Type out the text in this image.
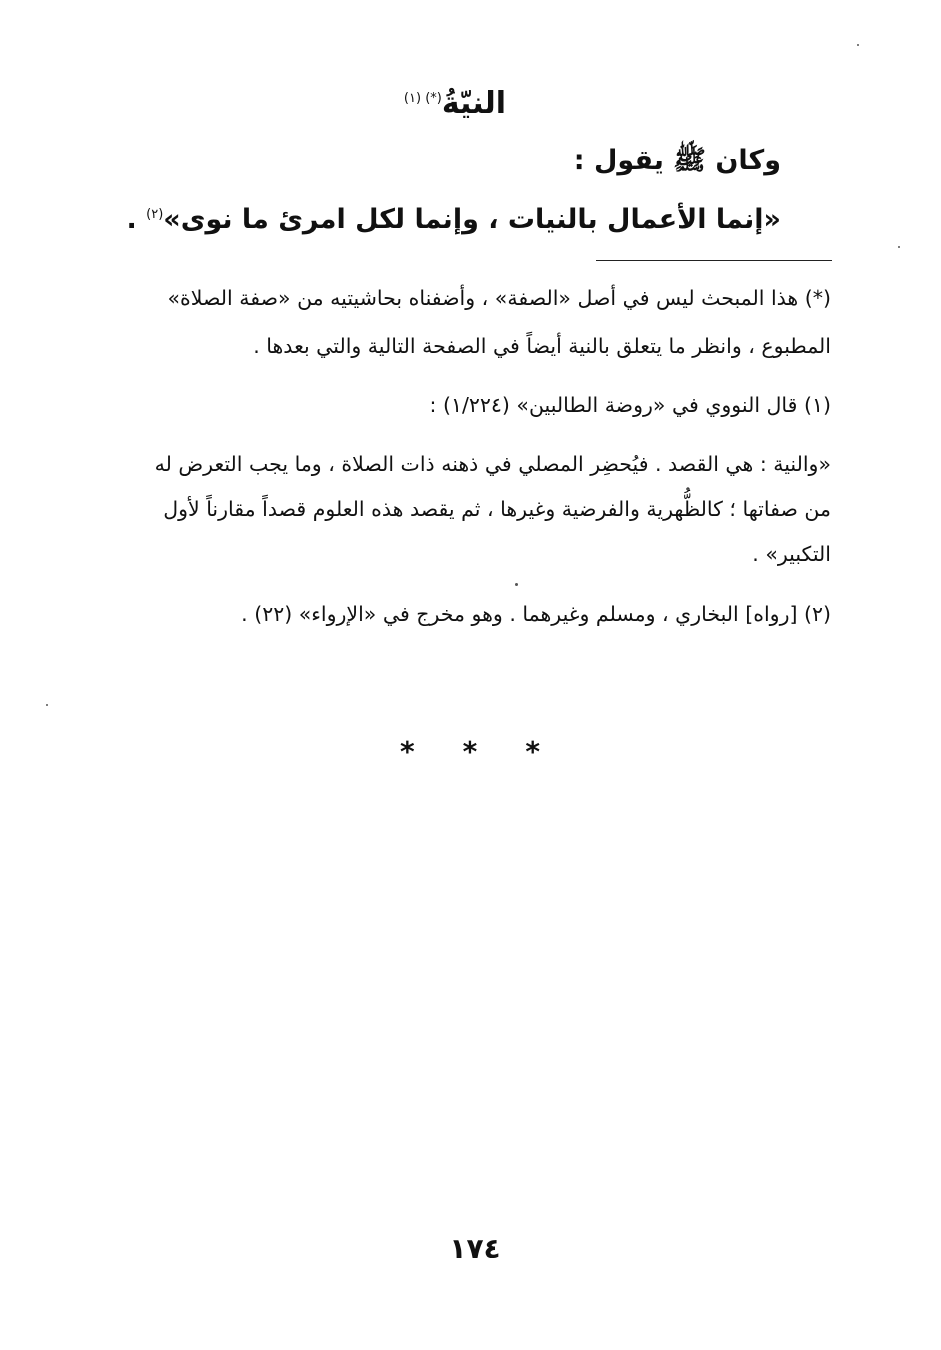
النيّةُ$^{(*) (١)}$
وكان ﷺ يقول :
«إنما الأعمال بالنيات ، وإنما لكل امرئ ما نوى»$^{(٢)}$ .
(*) هذا المبحث ليس في أصل «الصفة» ، وأضفناه بحاشيتيه من «صفة الصلاة»
المطبوع ، وانظر ما يتعلق بالنية أيضاً في الصفحة التالية والتي بعدها .
(١) قال النووي في «روضة الطالبين» (١/٢٢٤) :
«والنية : هي القصد . فيُحضِر المصلي في ذهنه ذات الصلاة ، وما يجب التعرض له
من صفاتها ؛ كالظُّهرية والفرضية وغيرها ، ثم يقصد هذه العلوم قصداً مقارناً لأول
التكبير» .
(٢) [رواه] البخاري ، ومسلم وغيرهما . وهو مخرج في «الإرواء» (٢٢) .
* * *
١٧٤
